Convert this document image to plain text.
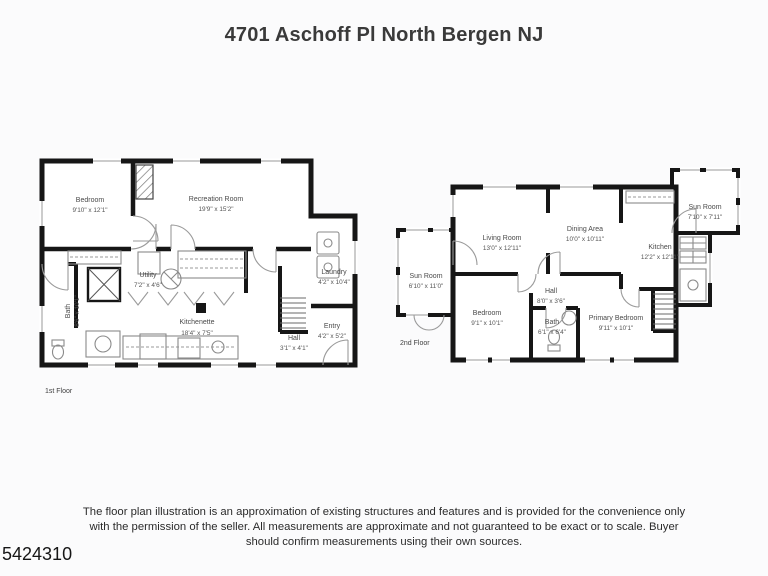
4701 Aschoff Pl North Bergen NJ
Bedroom
9'10" x 12'1"
Recreation Room
19'9" x 15'2"
Bath 8'6" x 10'1"
Utility
7'2" x 4'6"
Kitchenette
18'4" x 7'5"
Laundry
4'2" x 10'4"
Entry
4'2" x 5'2"
Hall
3'1" x 4'1"
1st Floor
Living Room
13'0" x 12'11"
Dining Area
10'0" x 10'11"
Kitchen
12'2" x 12'11"
Sun Room
7'10" x 7'11"
Sun Room
6'10" x 11'0"
Bedroom
9'1" x 10'1"
Hall
8'0" x 3'6"
Bath
6'1" x 6'4"
Primary Bedroom
9'11" x 10'1"
2nd Floor
The floor plan illustration is an approximation of existing structures and features and is provided for the convenience only with the permission of the seller. All measurements are approximate and not guaranteed to be exact or to scale. Buyer should confirm measurements using their own sources.
5424310
